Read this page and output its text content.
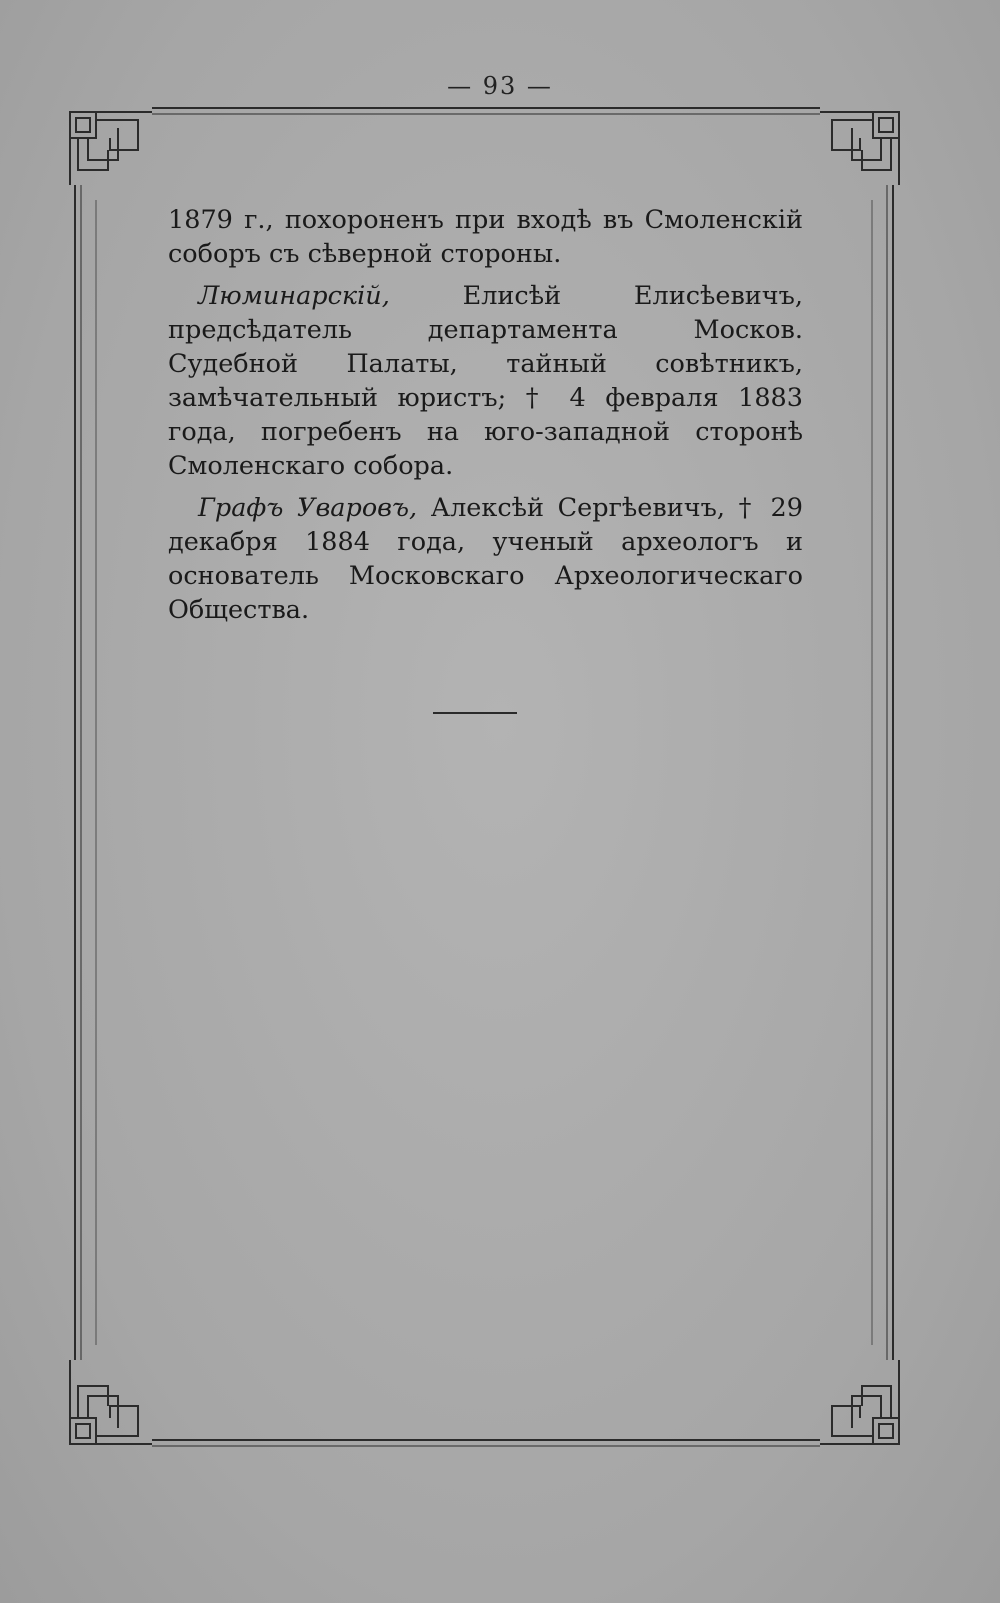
— 93 —

1879 г., похороненъ при входѣ въ Смоленскій соборъ съ сѣверной стороны.

Люминарскій, Елисѣй Елисѣевичъ, предсѣдатель департамента Москов. Судебной Палаты, тайный совѣтникъ, замѣчательный юристъ; † 4 февраля 1883 года, погребенъ на юго-западной сторонѣ Смоленскаго собора.

Графъ Уваровъ, Алексѣй Сергѣевичъ, † 29 декабря 1884 года, ученый археологъ и основатель Московскаго Археологическаго Общества.
